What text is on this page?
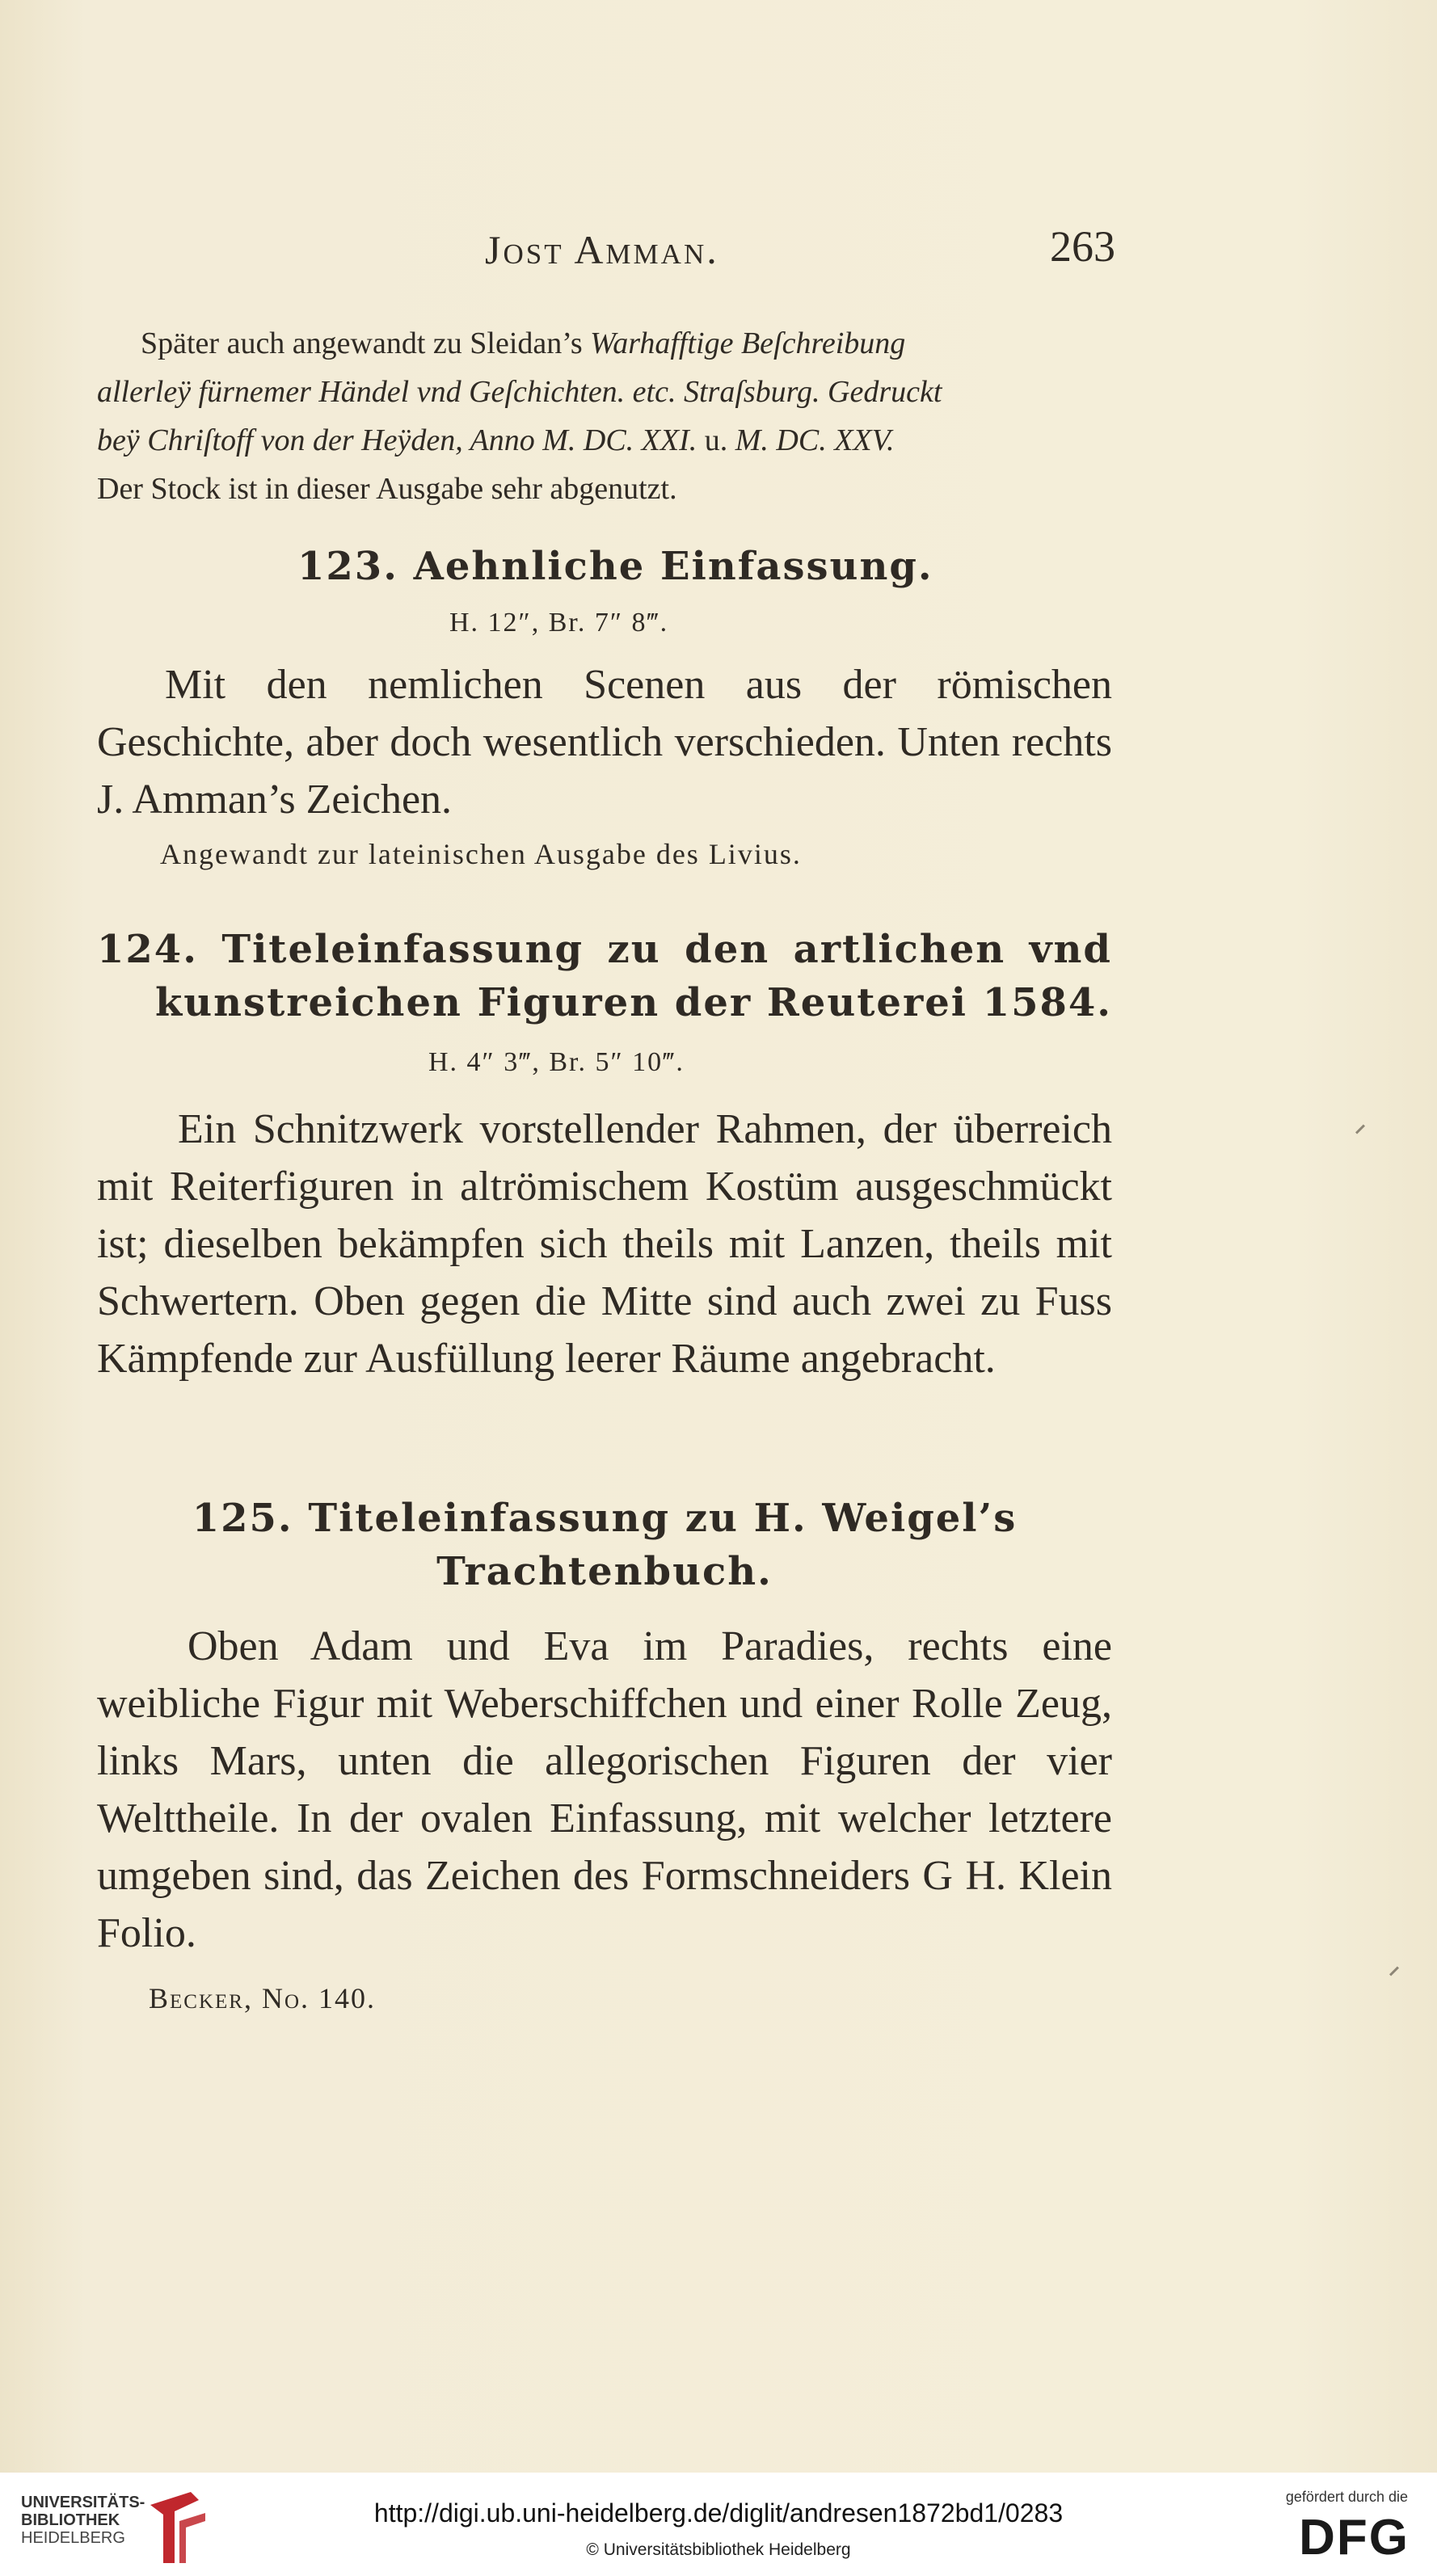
Jost Amman.	263
Später auch angewandt zu Sleidan’s Warhafftige Beſchreibung
allerleÿ fürnemer Händel vnd Geſchichten. etc. Straſsburg. Gedruckt
beÿ Chriſtoff von der Heÿden, Anno M. DC. XXI. u. M. DC. XXV.
Der Stock ist in dieser Ausgabe sehr abgenutzt.
123. Aehnliche Einfassung.
H. 12″, Br. 7″ 8‴.
Mit den nemlichen Scenen aus der römischen Geschichte, aber doch wesentlich verschieden. Unten rechts J. Amman’s Zeichen.
Angewandt zur lateinischen Ausgabe des Livius.
124. Titeleinfassung zu den artlichen vnd
kunstreichen Figuren der Reuterei 1584.
H. 4″ 3‴, Br. 5″ 10‴.
Ein Schnitzwerk vorstellender Rahmen, der überreich mit Reiterfiguren in altrömischem Kostüm ausgeschmückt ist; dieselben bekämpfen sich theils mit Lanzen, theils mit Schwertern. Oben gegen die Mitte sind auch zwei zu Fuss Kämpfende zur Ausfüllung leerer Räume angebracht.
125. Titeleinfassung zu H. Weigel’s
Trachtenbuch.
Oben Adam und Eva im Paradies, rechts eine weibliche Figur mit Weberschiffchen und einer Rolle Zeug, links Mars, unten die allegorischen Figuren der vier Welttheile. In der ovalen Einfassung, mit welcher letztere umgeben sind, das Zeichen des Formschneiders G H. Klein Folio.
Becker, No. 140.
UNIVERSITÄTS-
BIBLIOTHEK
HEIDELBERG
http://digi.ub.uni-heidelberg.de/diglit/andresen1872bd1/0283
© Universitätsbibliothek Heidelberg
gefördert durch die
DFG
